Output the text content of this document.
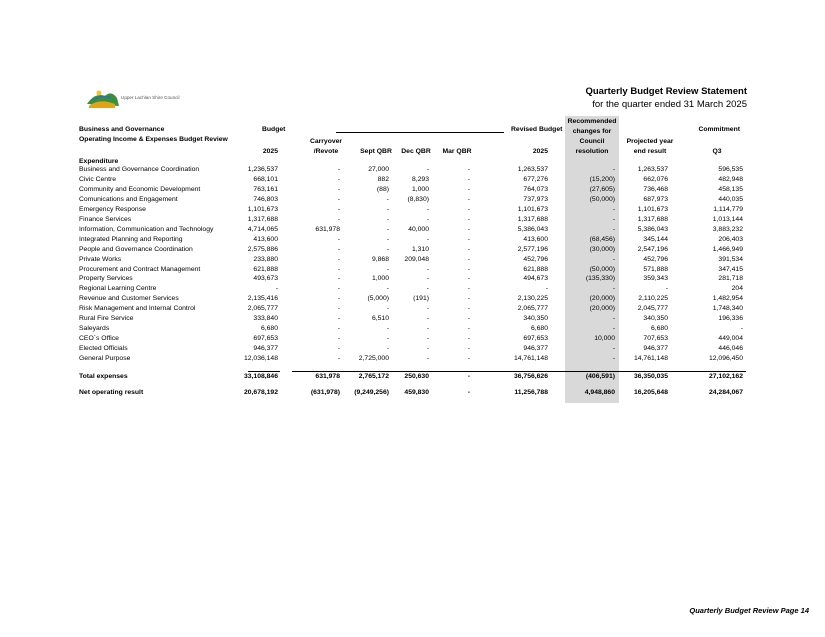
Upper Lachlan Shire Council
Quarterly Budget Review Statement
for the quarter ended 31 March 2025
Business and Governance
Operating Income & Expenses Budget Review
Budget
2025
Carryover
/Revote	Sept QBR	Dec QBR	Mar QBR
Revised Budget
2025
Recommended
changes for
Council
resolution
Projected year
end result
Commitment
Q3
Expenditure
Business and Governance Coordination	1,236,537	-	27,000	-	-	1,263,537	-	1,263,537	596,535
Civic Centre	668,101	-	882	8,293	-	677,276	(15,200)	662,076	482,948
Community and Economic Development	763,161	-	(88)	1,000	-	764,073	(27,605)	736,468	458,135
Comunications and Engagement	746,803	-	-	(8,830)	-	737,973	(50,000)	687,973	440,035
Emergency Response	1,101,673	-	-	-	-	1,101,673	-	1,101,673	1,114,779
Finance Services	1,317,688	-	-	-	-	1,317,688	-	1,317,688	1,013,144
Information, Communication and Technology	4,714,065	631,978	-	40,000	-	5,386,043	-	5,386,043	3,883,232
Integrated Planning and Reporting	413,600	-	-	-	-	413,600	(68,456)	345,144	206,403
People and Governance Coordination	2,575,886	-	-	1,310	-	2,577,196	(30,000)	2,547,196	1,466,949
Private Works	233,880	-	9,868	209,048	-	452,796	-	452,796	391,534
Procurement and Contract Management	621,888	-	-	-	-	621,888	(50,000)	571,888	347,415
Property Services	493,673	-	1,000	-	-	494,673	(135,330)	359,343	281,718
Regional Learning Centre	-	-	-	-	-	-	-	-	204
Revenue and Customer Services	2,135,416	-	(5,000)	(191)	-	2,130,225	(20,000)	2,110,225	1,482,954
Risk Management and Internal Control	2,065,777	-	-	-	-	2,065,777	(20,000)	2,045,777	1,748,340
Rural Fire Service	333,840	-	6,510	-	-	340,350	-	340,350	196,336
Saleyards	6,680	-	-	-	-	6,680	-	6,680	-
CEO`s Office	697,653	-	-	-	-	697,653	10,000	707,653	449,004
Elected Officials	946,377	-	-	-	-	946,377	-	946,377	446,046
General Purpose	12,036,148	-	2,725,000	-	-	14,761,148	-	14,761,148	12,096,450
Total expenses	33,108,846	631,978	2,765,172	250,630	-	36,756,626	(406,591)	36,350,035	27,102,162
Net operating result	20,678,192	(631,978)	(9,249,256)	459,830	-	11,256,788	4,948,860	16,205,648	24,284,067
Quarterly Budget Review Page 14
